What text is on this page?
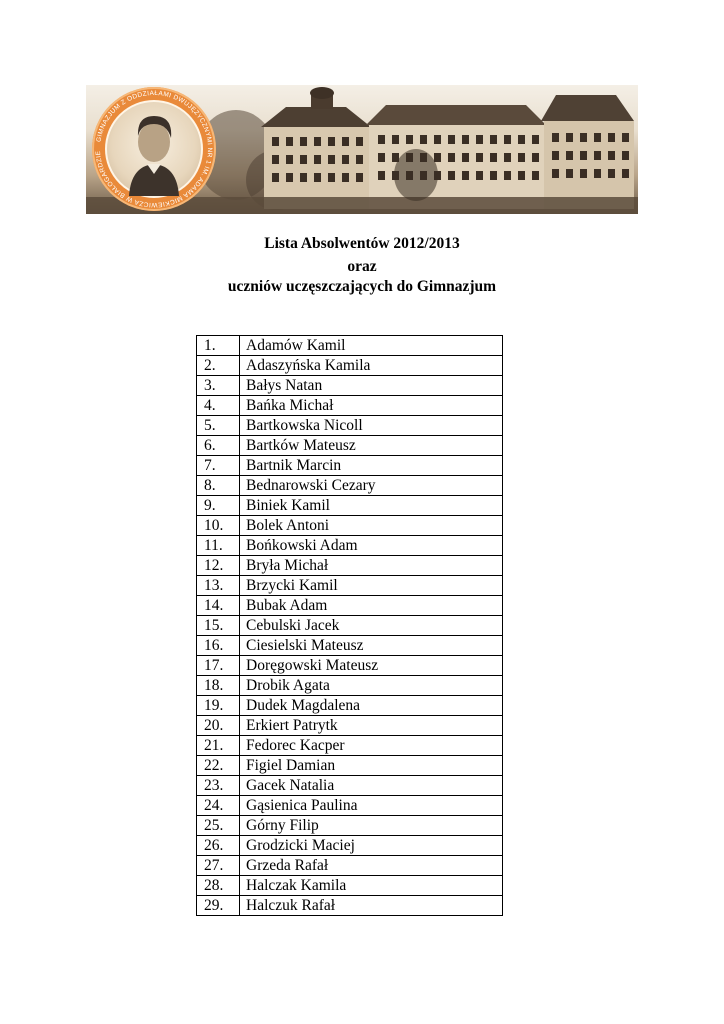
GIMNAZJUM Z ODDZIAŁAMI DWUJĘZYCZNYMI NR 1 IM. ADAMA MICKIEWICZA W BIAŁOGARDZIE
Lista Absolwentów 2012/2013
oraz
uczniów uczęszczających do Gimnazjum
1.	Adamów Kamil
2.	Adaszyńska Kamila
3.	Bałys Natan
4.	Bańka Michał
5.	Bartkowska Nicoll
6.	Bartków Mateusz
7.	Bartnik Marcin
8.	Bednarowski Cezary
9.	Biniek Kamil
10.	Bolek Antoni
11.	Bońkowski Adam
12.	Bryła Michał
13.	Brzycki Kamil
14.	Bubak Adam
15.	Cebulski Jacek
16.	Ciesielski Mateusz
17.	Doręgowski Mateusz
18.	Drobik Agata
19.	Dudek Magdalena
20.	Erkiert Patrytk
21.	Fedorec Kacper
22.	Figiel Damian
23.	Gacek Natalia
24.	Gąsienica Paulina
25.	Górny Filip
26.	Grodzicki Maciej
27.	Grzeda Rafał
28.	Halczak Kamila
29.	Halczuk Rafał
